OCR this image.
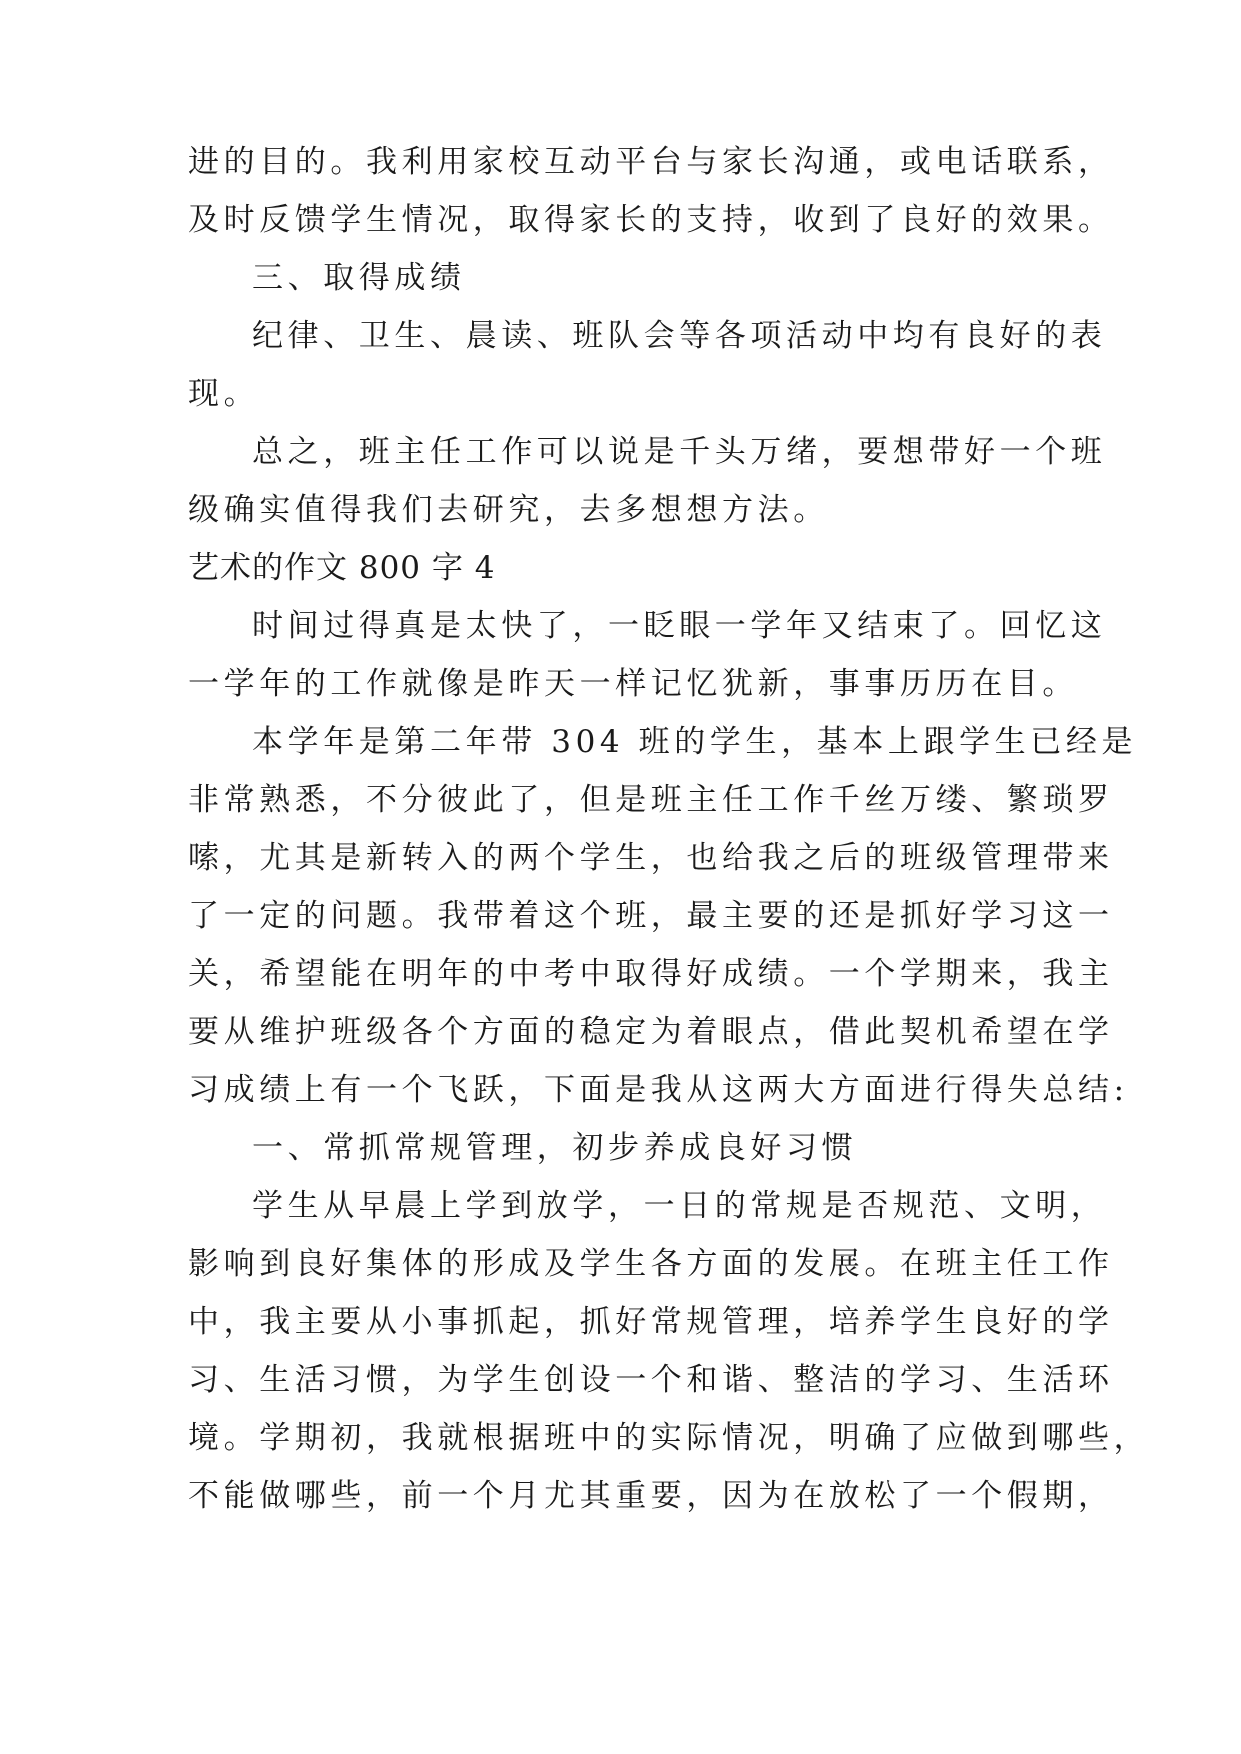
进的目的。我利用家校互动平台与家长沟通，或电话联系，
及时反馈学生情况，取得家长的支持，收到了良好的效果。
三、取得成绩
纪律、卫生、晨读、班队会等各项活动中均有良好的表
现。
总之，班主任工作可以说是千头万绪，要想带好一个班
级确实值得我们去研究，去多想想方法。
艺术的作文 800 字 4
时间过得真是太快了，一眨眼一学年又结束了。回忆这
一学年的工作就像是昨天一样记忆犹新，事事历历在目。
本学年是第二年带 304 班的学生，基本上跟学生已经是
非常熟悉，不分彼此了，但是班主任工作千丝万缕、繁琐罗
嗦，尤其是新转入的两个学生，也给我之后的班级管理带来
了一定的问题。我带着这个班，最主要的还是抓好学习这一
关，希望能在明年的中考中取得好成绩。一个学期来，我主
要从维护班级各个方面的稳定为着眼点，借此契机希望在学
习成绩上有一个飞跃，下面是我从这两大方面进行得失总结:
一、常抓常规管理，初步养成良好习惯
学生从早晨上学到放学，一日的常规是否规范、文明，
影响到良好集体的形成及学生各方面的发展。在班主任工作
中，我主要从小事抓起，抓好常规管理，培养学生良好的学
习、生活习惯，为学生创设一个和谐、整洁的学习、生活环
境。学期初，我就根据班中的实际情况，明确了应做到哪些，
不能做哪些，前一个月尤其重要，因为在放松了一个假期，
